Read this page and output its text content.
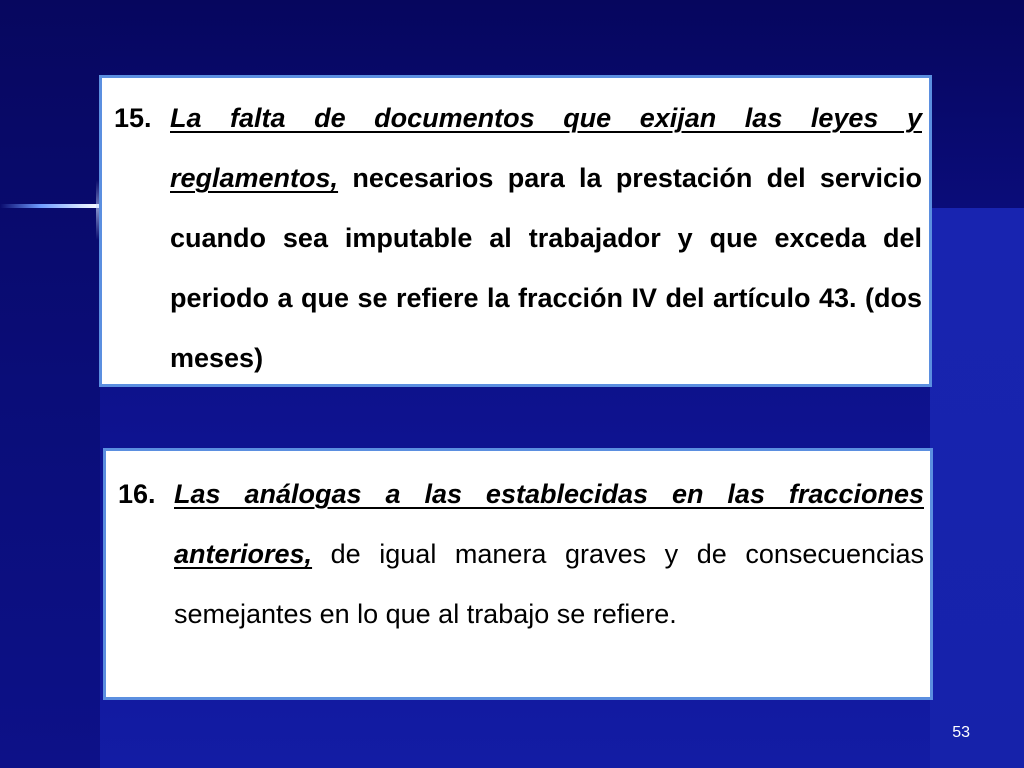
15. La falta de documentos que exijan las leyes y reglamentos, necesarios para la prestación del servicio cuando sea imputable al trabajador y que exceda del periodo a que se refiere la fracción IV del artículo 43. (dos meses)
16. Las análogas a las establecidas en las fracciones anteriores, de igual manera graves y de consecuencias semejantes en lo que al trabajo se refiere.
53
